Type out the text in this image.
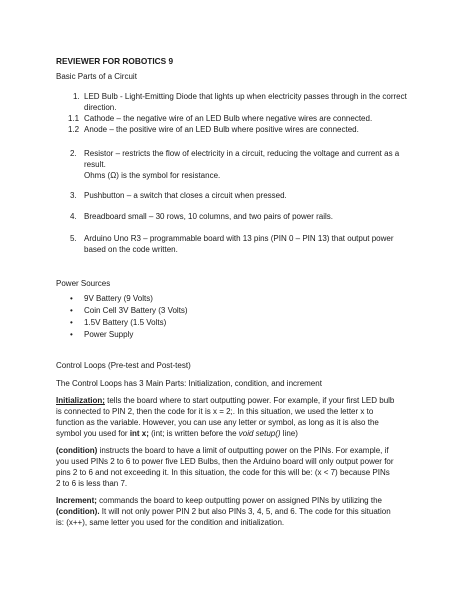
REVIEWER FOR ROBOTICS 9
Basic Parts of a Circuit
1. LED Bulb - Light-Emitting Diode that lights up when electricity passes through in the correct
direction.
1.1 Cathode – the negative wire of an LED Bulb where negative wires are connected.
1.2 Anode – the positive wire of an LED Bulb where positive wires are connected.
2. Resistor – restricts the flow of electricity in a circuit, reducing the voltage and current as a
result.
Ohms (Ω) is the symbol for resistance.
3. Pushbutton – a switch that closes a circuit when pressed.
4. Breadboard small – 30 rows, 10 columns, and two pairs of power rails.
5. Arduino Uno R3 – programmable board with 13 pins (PIN 0 – PIN 13) that output power
based on the code written.
Power Sources
• 9V Battery (9 Volts)
• Coin Cell 3V Battery (3 Volts)
• 1.5V Battery (1.5 Volts)
• Power Supply
Control Loops (Pre-test and Post-test)
The Control Loops has 3 Main Parts: Initialization, condition, and increment
Initialization; tells the board where to start outputting power. For example, if your first LED bulb
is connected to PIN 2, then the code for it is x = 2;. In this situation, we used the letter x to
function as the variable. However, you can use any letter or symbol, as long as it is also the
symbol you used for int x; (int; is written before the void setup() line)
(condition) instructs the board to have a limit of outputting power on the PINs. For example, if
you used PINs 2 to 6 to power five LED Bulbs, then the Arduino board will only output power for
pins 2 to 6 and not exceeding it. In this situation, the code for this will be: (x < 7) because PINs
2 to 6 is less than 7.
Increment; commands the board to keep outputting power on assigned PINs by utilizing the
(condition). It will not only power PIN 2 but also PINs 3, 4, 5, and 6. The code for this situation
is: (x++), same letter you used for the condition and initialization.
